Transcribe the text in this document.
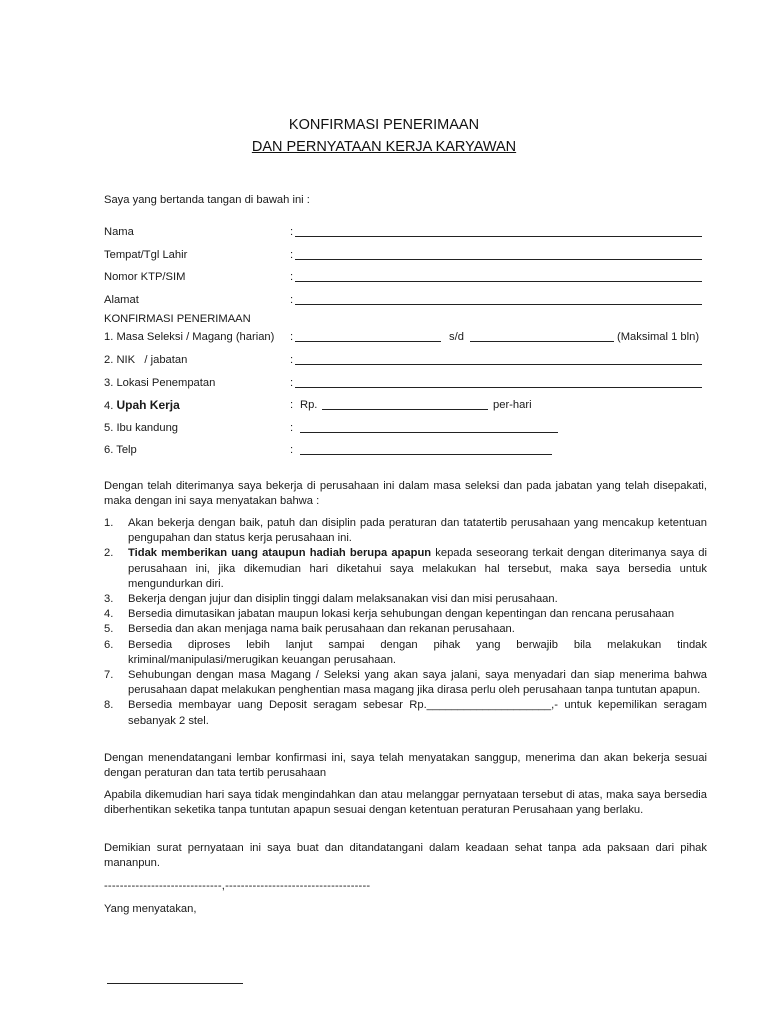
KONFIRMASI PENERIMAAN
DAN PERNYATAAN KERJA KARYAWAN
Saya yang bertanda tangan di bawah ini :
Nama	:
Tempat/Tgl Lahir	:
Nomor KTP/SIM	:
Alamat	:
KONFIRMASI PENERIMAAN
1. Masa Seleksi / Magang (harian) :	s/d	(Maksimal 1 bln)
2. NIK   / jabatan	:
3. Lokasi Penempatan	:
4. Upah Kerja	: Rp.	per-hari
5. Ibu kandung	:
6. Telp	:
Dengan telah diterimanya saya bekerja di perusahaan ini dalam masa seleksi dan pada jabatan yang telah disepakati, maka dengan ini saya menyatakan bahwa :
1. Akan bekerja dengan baik, patuh dan disiplin pada peraturan dan tatatertib perusahaan yang mencakup ketentuan pengupahan dan status kerja perusahaan ini.
2. Tidak memberikan uang ataupun hadiah berupa apapun kepada seseorang terkait dengan diterimanya saya di perusahaan ini, jika dikemudian hari diketahui saya melakukan hal tersebut, maka saya bersedia untuk mengundurkan diri.
3. Bekerja dengan jujur dan disiplin tinggi dalam melaksanakan visi dan misi perusahaan.
4. Bersedia dimutasikan jabatan maupun lokasi kerja sehubungan dengan kepentingan dan rencana perusahaan
5. Bersedia dan akan menjaga nama baik perusahaan dan rekanan perusahaan.
6. Bersedia diproses lebih lanjut sampai dengan pihak yang berwajib bila melakukan tindak kriminal/manipulasi/merugikan keuangan perusahaan.
7. Sehubungan dengan masa Magang / Seleksi yang akan saya jalani, saya menyadari dan siap menerima bahwa perusahaan dapat melakukan penghentian masa magang jika dirasa perlu oleh perusahaan tanpa tuntutan apapun.
8. Bersedia membayar uang Deposit seragam sebesar Rp.____________________,- untuk kepemilikan seragam sebanyak 2 stel.
Dengan menendatangani lembar konfirmasi ini, saya telah menyatakan sanggup, menerima dan akan bekerja sesuai dengan peraturan dan tata tertib perusahaan
Apabila dikemudian hari saya tidak mengindahkan dan atau melanggar pernyataan tersebut di atas, maka saya bersedia diberhentikan seketika tanpa tuntutan apapun sesuai dengan ketentuan peraturan Perusahaan yang berlaku.
Demikian surat pernyataan ini saya buat dan ditandatangani dalam keadaan sehat tanpa ada paksaan dari pihak mananpun.
------------------------------,-------------------------------------
Yang menyatakan,
